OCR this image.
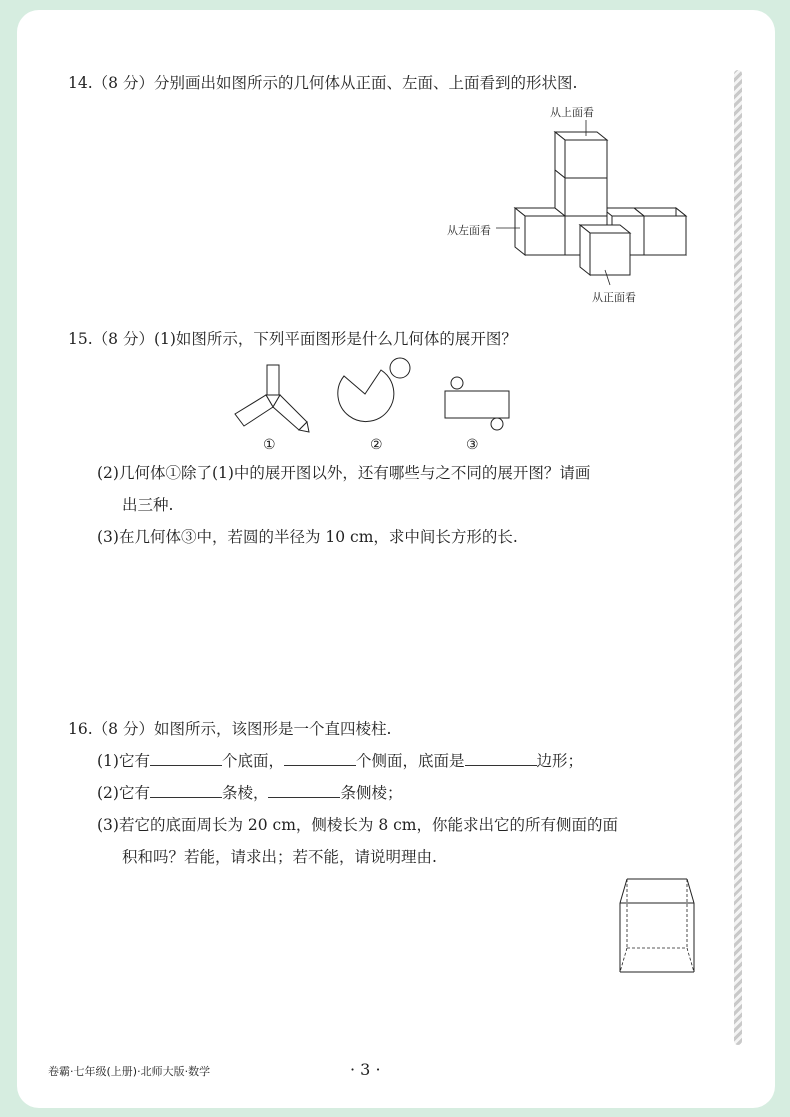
14.（8 分）分别画出如图所示的几何体从正面、左面、上面看到的形状图.
从上面看
从左面看
从正面看
15.（8 分）(1)如图所示，下列平面图形是什么几何体的展开图？
①	②	③
(2)几何体①除了(1)中的展开图以外，还有哪些与之不同的展开图？请画
出三种.
(3)在几何体③中，若圆的半径为 10 cm，求中间长方形的长.
16.（8 分）如图所示，该图形是一个直四棱柱.
(1)它有	个底面，	个侧面，底面是	边形；
(2)它有	条棱，	条侧棱；
(3)若它的底面周长为 20 cm，侧棱长为 8 cm，你能求出它的所有侧面的面
积和吗？若能，请求出；若不能，请说明理由.
卷霸·七年级(上册)·北师大版·数学	· 3 ·
